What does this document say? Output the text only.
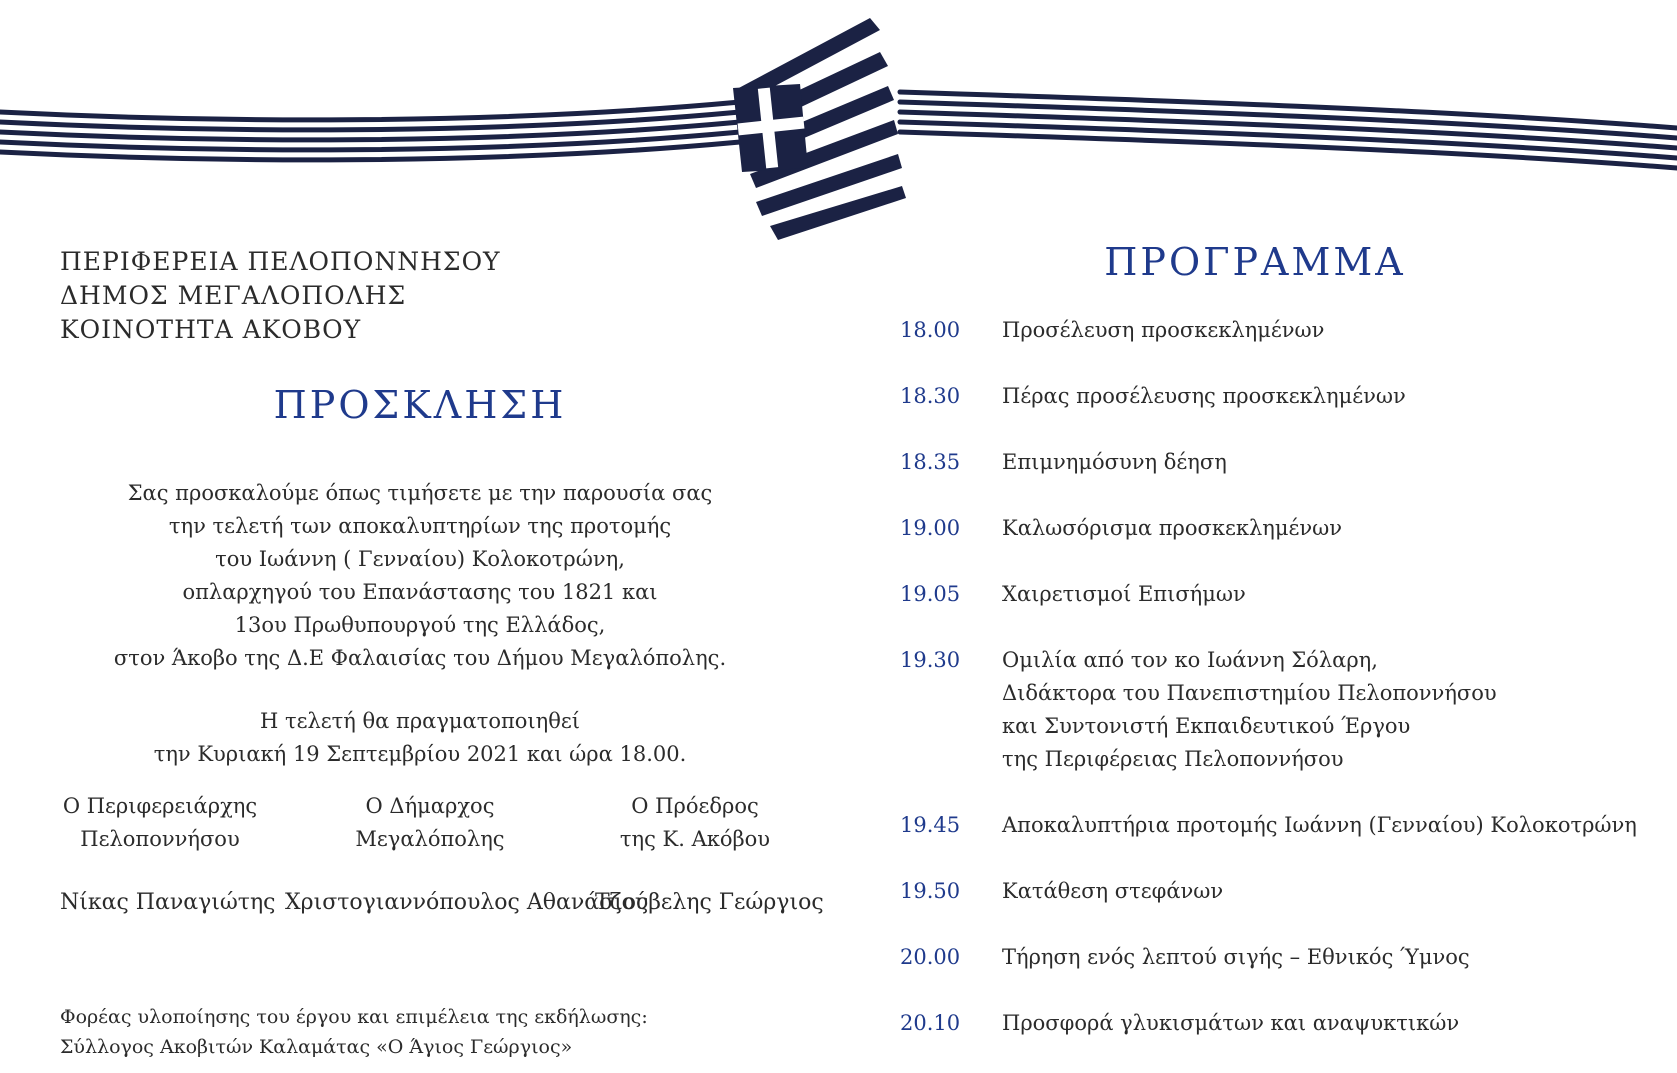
ΠΕΡΙΦΕΡΕΙΑ ΠΕΛΟΠΟΝΝΗΣΟΥ
ΔΗΜΟΣ ΜΕΓΑΛΟΠΟΛΗΣ
ΚΟΙΝΟΤΗΤΑ ΑΚΟΒΟΥ
ΠΡΟΣΚΛΗΣΗ
Σας προσκαλούμε όπως τιμήσετε με την παρουσία σας
την τελετή των αποκαλυπτηρίων της προτομής
του Ιωάννη ( Γενναίου) Κολοκοτρώνη,
οπλαρχηγού του Επανάστασης του 1821 και
13ου Πρωθυπουργού της Ελλάδος,
στον Άκοβο της Δ.Ε Φαλαισίας του Δήμου Μεγαλόπολης.
Η τελετή θα πραγματοποιηθεί
την Κυριακή 19 Σεπτεμβρίου 2021 και ώρα 18.00.
Ο Περιφερειάρχης
Πελοποννήσου
Νίκας Παναγιώτης
Ο Δήμαρχος
Μεγαλόπολης
Χριστογιαννόπουλος Αθανάσιος
Ο Πρόεδρος
της Κ. Ακόβου
Τζούβελης Γεώργιος
Φορέας υλοποίησης του έργου και επιμέλεια της εκδήλωσης:
Σύλλογος Ακοβιτών Καλαμάτας «Ο Άγιος Γεώργιος»
ΠΡΟΓΡΑΜΜΑ
18.00	Προσέλευση προσκεκλημένων
18.30	Πέρας προσέλευσης προσκεκλημένων
18.35	Επιμνημόσυνη δέηση
19.00	Καλωσόρισμα προσκεκλημένων
19.05	Χαιρετισμοί Επισήμων
19.30	Ομιλία από τον κο Ιωάννη Σόλαρη,
Διδάκτορα του Πανεπιστημίου Πελοποννήσου
και Συντονιστή Εκπαιδευτικού Έργου
της Περιφέρειας Πελοποννήσου
19.45	Αποκαλυπτήρια προτομής Ιωάννη (Γενναίου) Κολοκοτρώνη
19.50	Κατάθεση στεφάνων
20.00	Τήρηση ενός λεπτού σιγής – Εθνικός Ύμνος
20.10	Προσφορά γλυκισμάτων και αναψυκτικών
